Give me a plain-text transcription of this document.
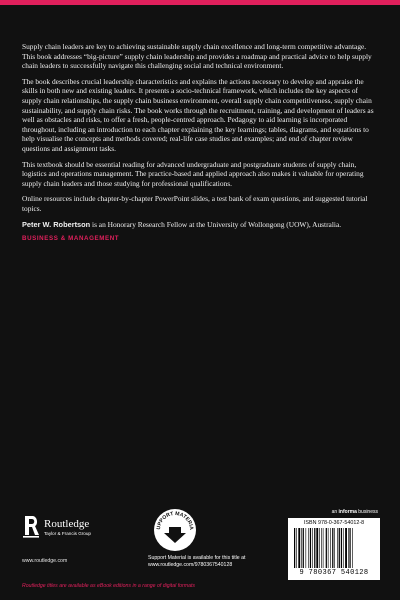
Supply chain leaders are key to achieving sustainable supply chain excellence and long-term competitive advantage. This book addresses “big-picture” supply chain leadership and provides a roadmap and practical advice to help supply chain leaders to successfully navigate this challenging social and technical environment.

The book describes crucial leadership characteristics and explains the actions necessary to develop and appraise the skills in both new and existing leaders. It presents a socio-technical framework, which includes the key aspects of supply chain relationships, the supply chain business environment, overall supply chain competitiveness, supply chain sustainability, and supply chain risks. The book works through the recruitment, training, and development of leaders as well as obstacles and risks, to offer a fresh, people-centred approach. Pedagogy to aid learning is incorporated throughout, including an introduction to each chapter explaining the key learnings; tables, diagrams, and equations to help visualise the concepts and methods covered; real-life case studies and examples; and end of chapter review questions and assignment tasks.

This textbook should be essential reading for advanced undergraduate and postgraduate students of supply chain, logistics and operations management. The practice-based and applied approach also makes it valuable for operating supply chain leaders and those studying for professional qualifications.

Online resources include chapter-by-chapter PowerPoint slides, a test bank of exam questions, and suggested tutorial topics.

Peter W. Robertson is an Honorary Research Fellow at the University of Wollongong (UOW), Australia.

BUSINESS & MANAGEMENT
Routledge
Taylor & Francis Group
www.routledge.com
UPPORT MATERIA
Support Material is available for this title at
www.routledge.com/9780367540128
an informa business
ISBN 978-0-367-54012-8
9 780367 540128
Routledge titles are available as eBook editions in a range of digital formats
